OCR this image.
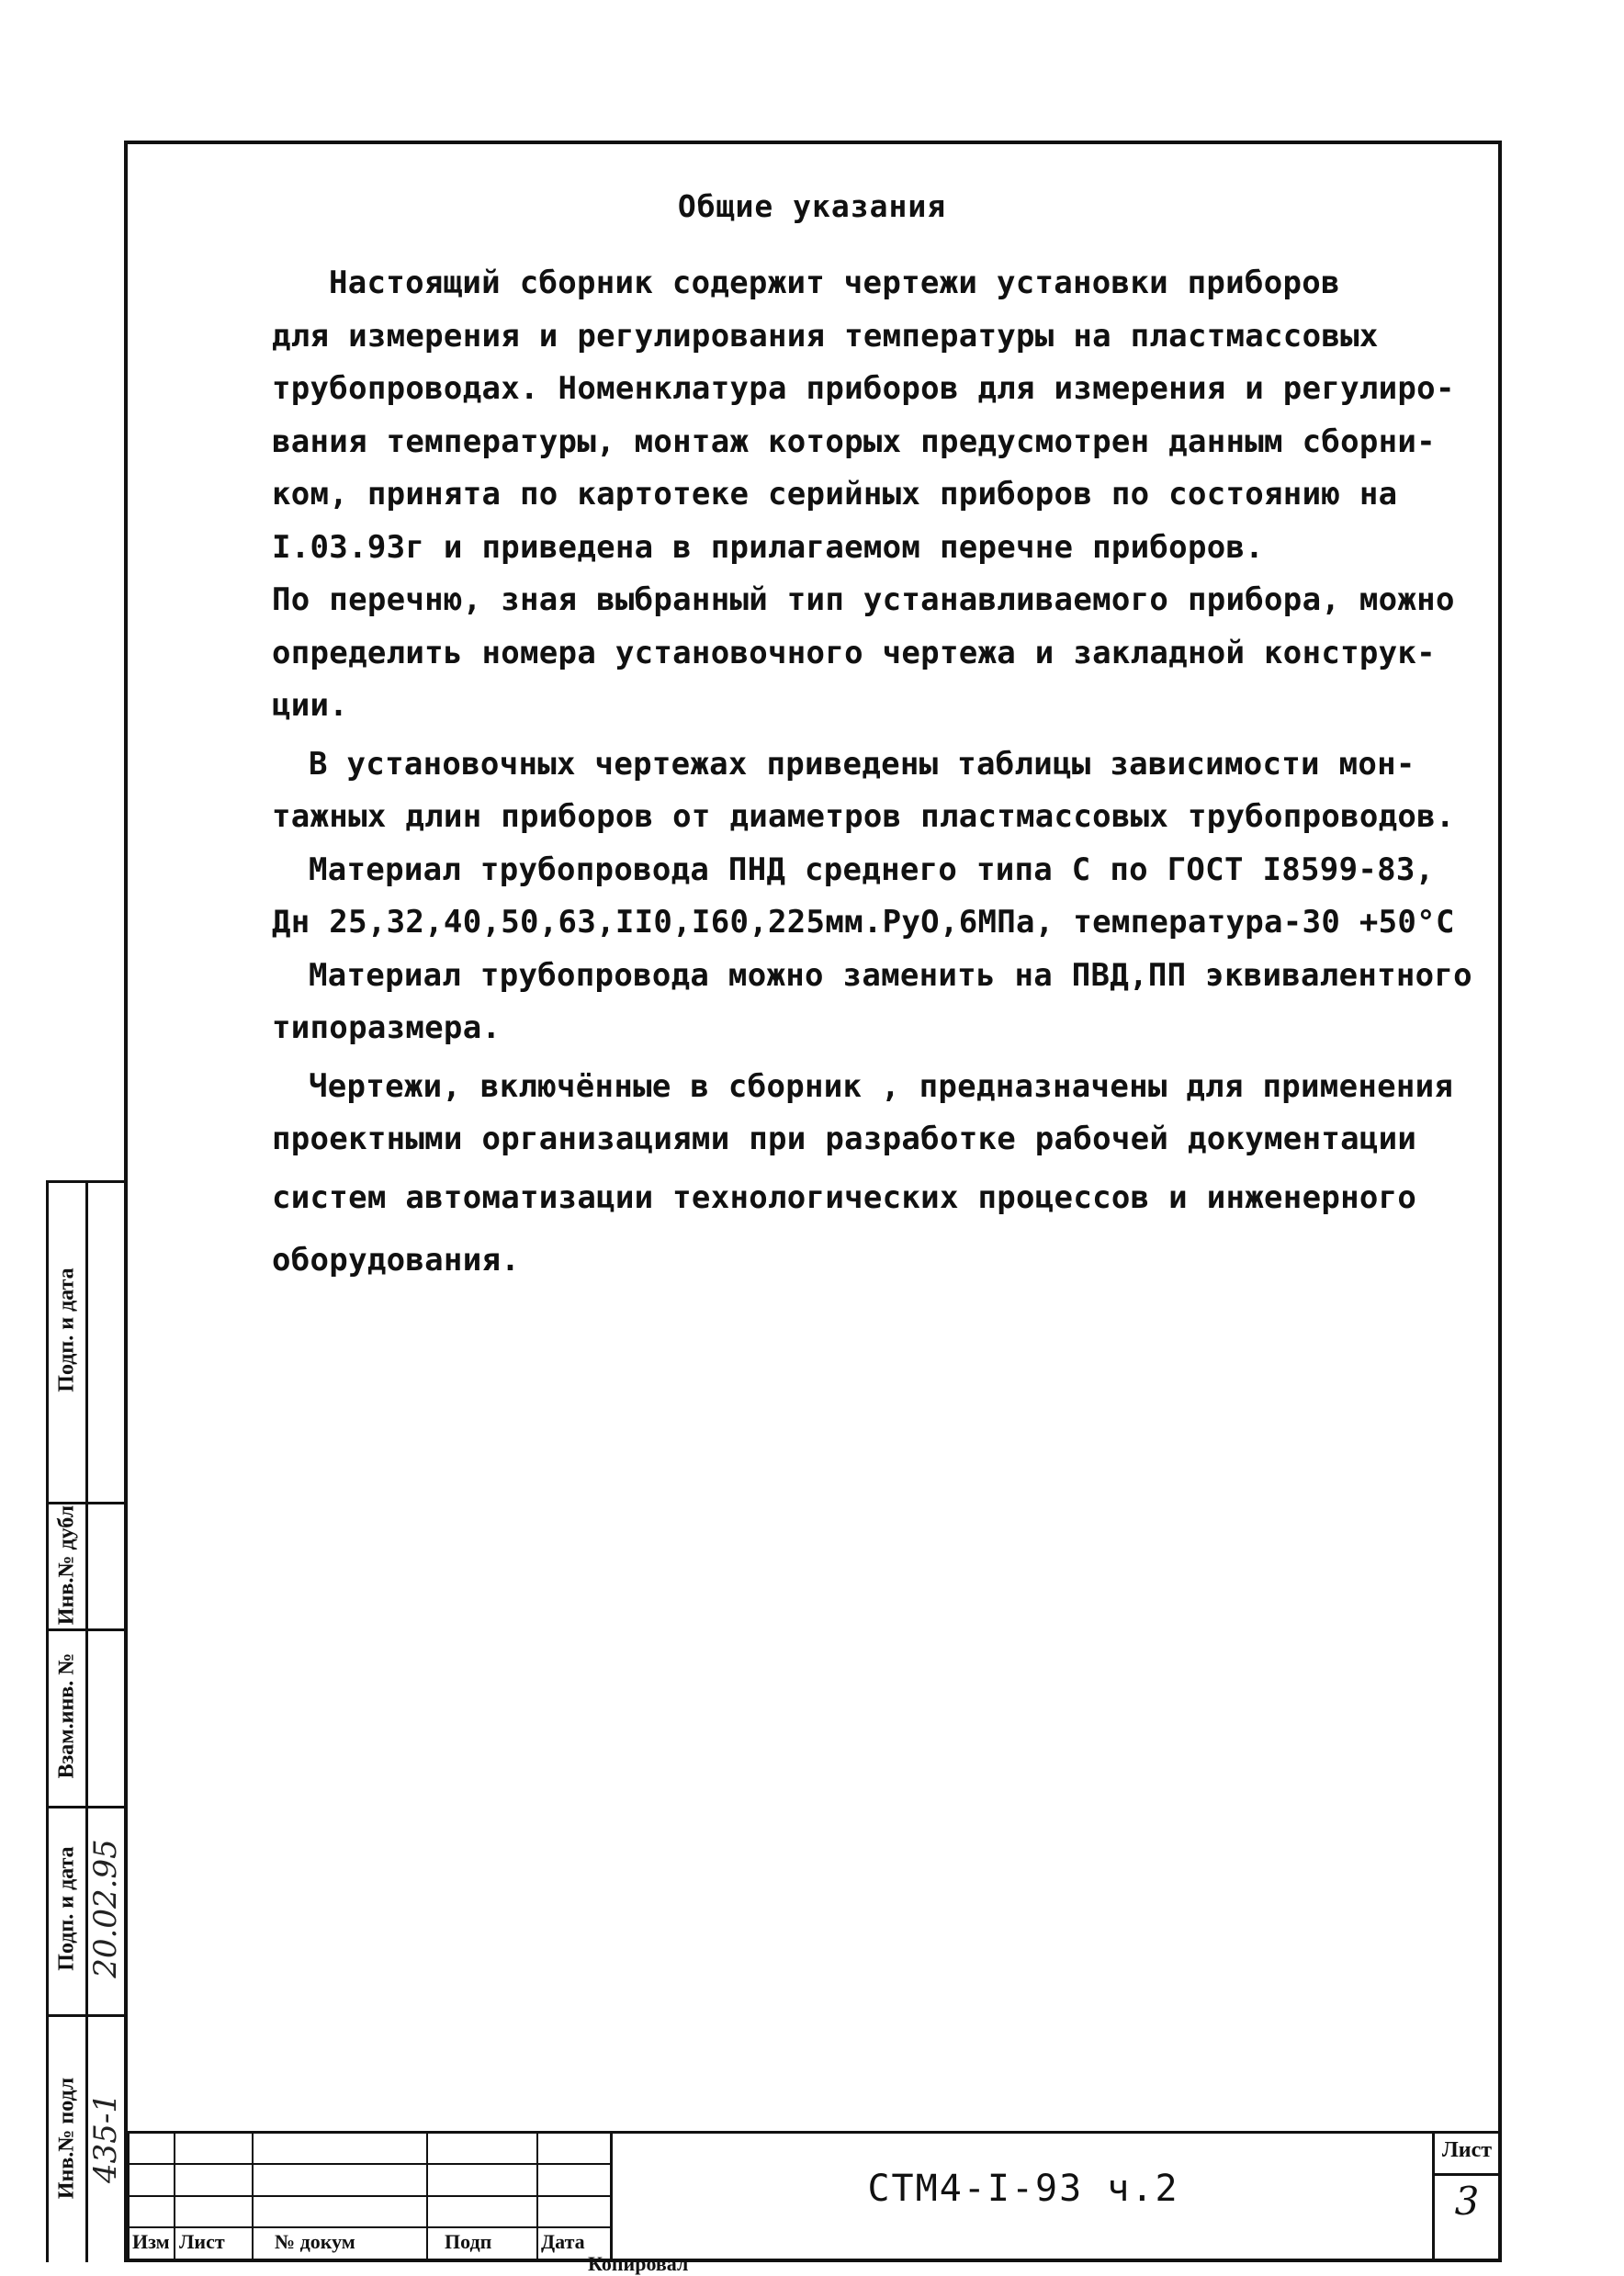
Общие указания
Настоящий сборник содержит чертежи установки приборов
для измерения и регулирования температуры на пластмассовых
трубопроводах. Номенклатура приборов для измерения и регулиро-
вания температуры, монтаж которых предусмотрен данным сборни-
ком, принята по картотеке серийных приборов по состоянию на
I.03.93г и приведена в прилагаемом перечне приборов.
По перечню, зная выбранный тип устанавливаемого прибора, можно
определить номера установочного чертежа и закладной конструк-
ции.
В установочных чертежах приведены таблицы зависимости мон-
тажных длин приборов от диаметров пластмассовых трубопроводов.
Материал трубопровода ПНД среднего типа С по ГОСТ I8599-83,
Дн 25,32,40,50,63,II0,I60,225мм.РуО,6МПа, температура-30 +50°С
Материал трубопровода можно заменить на ПВД,ПП эквивалентного
типоразмера.
Чертежи, включённые в сборник , предназначены для применения
проектными организациями при разработке рабочей документации
систем автоматизации технологических процессов и инженерного
оборудования.
Подп. и дата
Инв.№ дубл
Взам.инв. №
Подп. и дата
Инв.№ подл
20.02.95
435-1
Изм Лист № докум	Подп Дата
СТМ4-I-93 ч.2
Лист
3
Копировал
